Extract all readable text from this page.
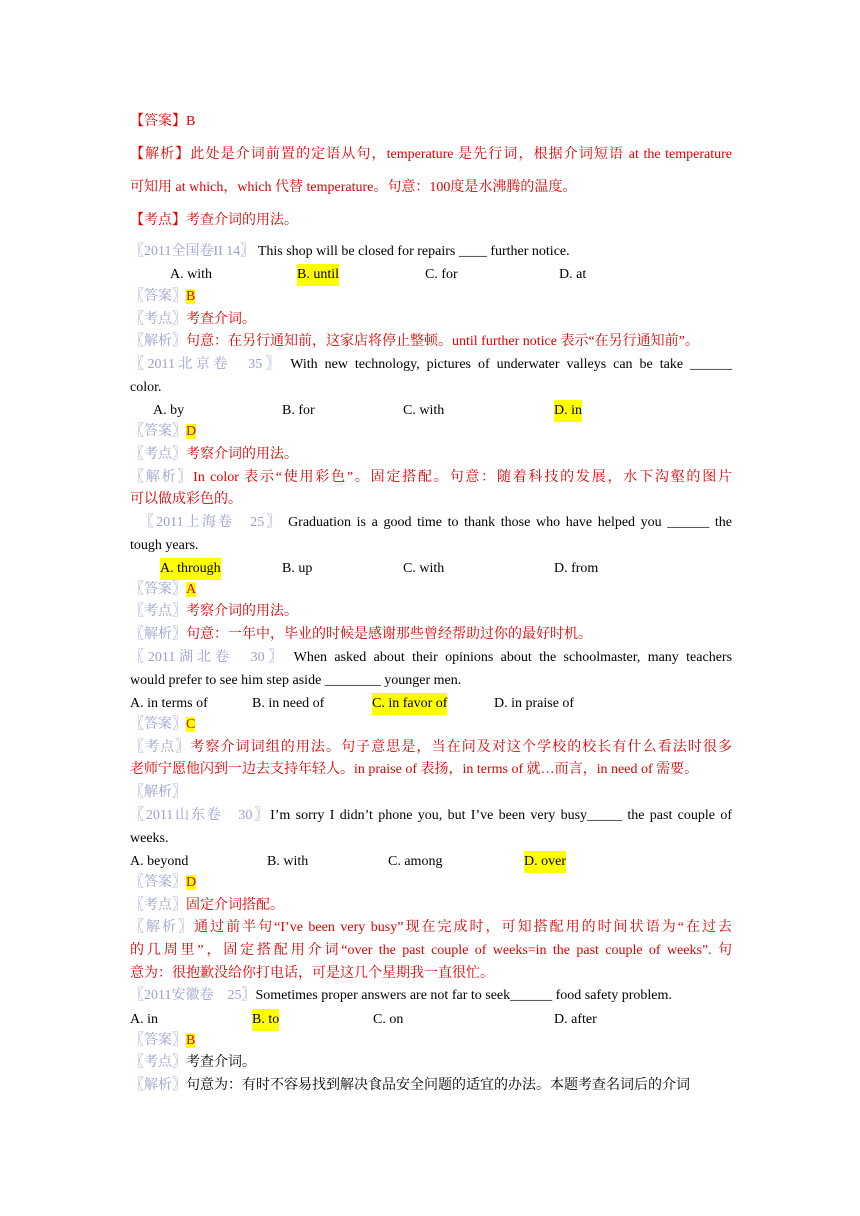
【答案】B
【解析】此处是介词前置的定语从句，temperature 是先行词，根据介词短语 at the temperature
可知用 at which，which 代替 temperature。句意：100度是水沸腾的温度。
【考点】考查介词的用法。
〖2011全国卷II 14〗 This shop will be closed for repairs ____ further notice.
A. with	B. until	C. for	D. at
〖答案〗B
〖考点〗考查介词。
〖解析〗句意：在另行通知前，这家店将停止整顿。until further notice 表示“在另行通知前”。
〖2011北京卷　35〗 With new technology, pictures of underwater valleys can be take ______
color.
A. by	B. for	C. with	D. in
〖答案〗D
〖考点〗考察介词的用法。
〖解析〗In color 表示“使用彩色”。固定搭配。句意：随着科技的发展，水下沟壑的图片
可以做成彩色的。
〖2011上海卷　25〗 Graduation is a good time to thank those who have helped you ______ the
tough years.
A. through	B. up	C. with	D. from
〖答案〗A
〖考点〗考察介词的用法。
〖解析〗句意：一年中，毕业的时候是感谢那些曾经帮助过你的最好时机。
〖2011湖北卷　30〗 When asked about their opinions about the schoolmaster, many teachers
would prefer to see him step aside ________ younger men.
A. in terms of	B. in need of	C. in favor of	D. in praise of
〖答案〗C
〖考点〗考察介词词组的用法。句子意思是，当在问及对这个学校的校长有什么看法时很多
老师宁愿他闪到一边去支持年轻人。in praise of 表扬，in terms of 就…而言，in need of 需要。
〖解析〗
〖2011山东卷　30〗I’m sorry I didn’t phone you, but I’ve been very busy_____ the past couple of
weeks.
A. beyond	B. with	C. among	D. over
〖答案〗D
〖考点〗固定介词搭配。
〖解析〗通过前半句“I’ve been very busy”现在完成时，可知搭配用的时间状语为“在过去
的几周里”，固定搭配用介词“over the past couple of weeks=in the past couple of weeks”. 句
意为：很抱歉没给你打电话，可是这几个星期我一直很忙。
〖2011安徽卷　25〗Sometimes proper answers are not far to seek______ food safety problem.
A. in	B. to	C. on	D. after
〖答案〗B
〖考点〗考查介词。
〖解析〗句意为：有时不容易找到解决食品安全问题的适宜的办法。本题考查名词后的介词
